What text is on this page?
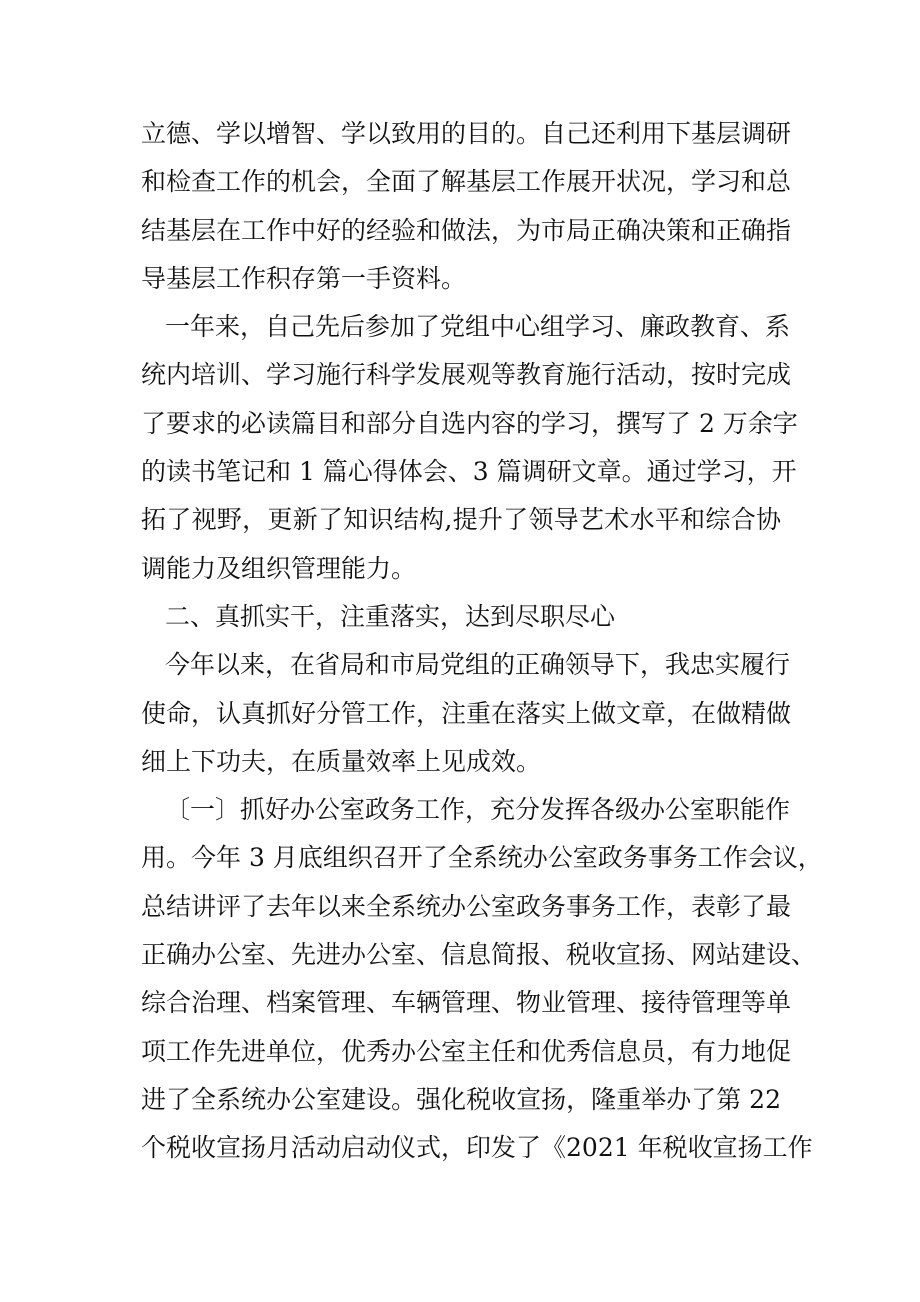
立德、学以增智、学以致用的目的。自己还利用下基层调研
和检查工作的机会，全面了解基层工作展开状况，学习和总
结基层在工作中好的经验和做法，为市局正确决策和正确指
导基层工作积存第一手资料。
一年来，自己先后参加了党组中心组学习、廉政教育、系
统内培训、学习施行科学发展观等教育施行活动，按时完成
了要求的必读篇目和部分自选内容的学习，撰写了 2 万余字
的读书笔记和 1 篇心得体会、3 篇调研文章。通过学习，开
拓了视野，更新了知识结构,提升了领导艺术水平和综合协
调能力及组织管理能力。
二、真抓实干，注重落实，达到尽职尽心
今年以来，在省局和市局党组的正确领导下，我忠实履行
使命，认真抓好分管工作，注重在落实上做文章，在做精做
细上下功夫，在质量效率上见成效。
〔一〕抓好办公室政务工作，充分发挥各级办公室职能作
用。今年 3 月底组织召开了全系统办公室政务事务工作会议，
总结讲评了去年以来全系统办公室政务事务工作，表彰了最
正确办公室、先进办公室、信息简报、税收宣扬、网站建设、
综合治理、档案管理、车辆管理、物业管理、接待管理等单
项工作先进单位，优秀办公室主任和优秀信息员，有力地促
进了全系统办公室建设。强化税收宣扬，隆重举办了第 22
个税收宣扬月活动启动仪式，印发了《2021 年税收宣扬工作
